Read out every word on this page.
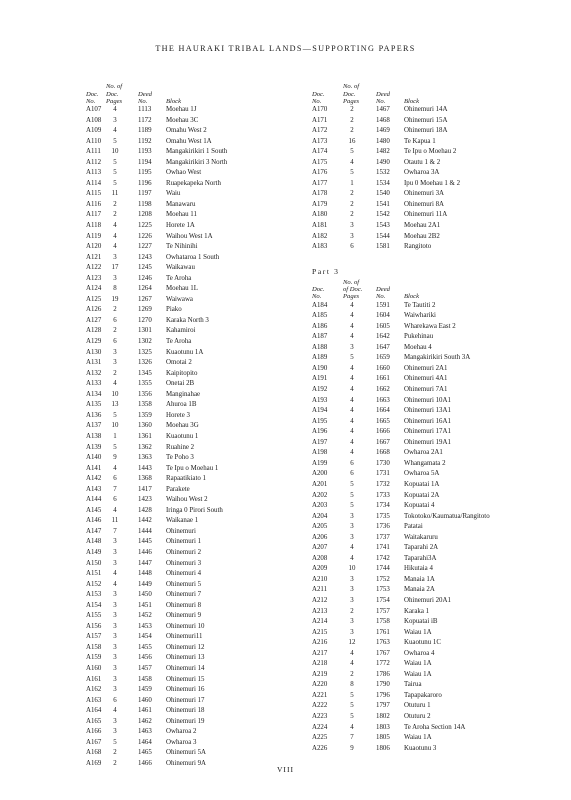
THE HAURAKI TRIBAL LANDS—SUPPORTING PAPERS
Doc.
No.
No. of
Doc.
Pages
Deed
No.	Block
A107	4	1113 Moehau 1J
A108	3	1172 Moehau 3C
A109	4	1189 Omahu West 2
A110	5	1192 Omahu West 1A
A111	10	1193 Mangakirikiri 1 South
A112	5	1194 Mangakirikiri 3 North
A113	5	1195 Owhao West
A114	5	1196 Ruapekapeka North
A115	11	1197 Waiu
A116	2	1198 Manawaru
A117	2	1208 Moehau 11
A118	4	1225 Horete 1A
A119	4	1226 Waihou West 1A
A120	4	1227 Te Nihinihi
A121	3	1243 Owhataroa 1 South
A122	17	1245 Waikawau
A123	3	1246 Te Aroha
A124	8	1264 Moehau 1L
A125	19	1267 Waiwawa
A126	2	1269 Piako
A127	6	1270 Karaka North 3
A128	2	1301 Kahamiroi
A129	6	1302 Te Aroha
A130	3	1325 Kuaotunu 1A
A131	3	1326 Omotai 2
A132	2	1345 Kaipitopito
A133	4	1355 Onetai 2B
A134	10	1356 Manginahae
A135	13	1358 Ahuroa 1B
A136	5	1359 Horete 3
A137	10	1360 Moehau 3G
A138	1	1361 Kuaotunu 1
A139	5	1362 Ruahine 2
A140	9	1363 Te Poho 3
A141	4	1443 Te Ipu o Moehau 1
A142	6	1368 Rapaatikiato 1
A143	7	1417 Parakete
A144	6	1423 Waihou West 2
A145	4	1428 Iringa 0 Pirori South
A146	11	1442 Waikanae 1
A147	7	1444 Ohinemuri
A148	3	1445 Ohinemuri 1
A149	3	1446 Ohinemuri 2
A150	3	1447 Ohinemuri 3
A151	4	1448 Ohinemuri 4
A152	4	1449 Ohinemuri 5
A153	3	1450 Ohinemuri 7
A154	3	1451 Ohinemuri 8
A155	3	1452 Ohinemuri 9
A156	3	1453 Ohinemuri 10
A157	3	1454 Ohinemuri11
A158	3	1455 Ohinemuri 12
A159	3	1456 Ohinemuri 13
A160	3	1457 Ohinemuri 14
A161	3	1458 Ohinemuri 15
A162	3	1459 Ohinemuri 16
A163	6	1460 Ohinemuri 17
A164	4	1461 Ohinemuri 18
A165	3	1462 Ohinemuri 19
A166	3	1463 Owharoa 2
A167	5	1464 Owharoa 3
A168	2	1465 Ohinemuri 5A
A169	2	1466 Ohinemuri 9A
Doc.
No.
No. of
Doc.
Pages
Deed
No.	Block
A170	2	1467 Ohinemuri 14A
A171	2	1468 Ohinemuri 15A
A172	2	1469 Ohinemuri 18A
A173	16	1480 Te Kapua 1
A174	5	1482 Te Ipu o Moehau 2
A175	4	1490 Otautu 1 & 2
A176	5	1532 Owharoa 3A
A177	1	1534 Ipu 0 Moehau 1 & 2
A178	2	1540 Ohinemuri 3A
A179	2	1541 Ohinemuri 8A
A180	2	1542 Ohinemuri 11A
A181	3	1543 Moehau 2A1
A182	3	1544 Moehau 2B2
A183	6	1581 Rangitoto
Part 3
Doc.
No.
No. of
of Doc.
Pages
Deed
No.	Block
A184	4	1591 Te Tautiti 2
A185	4	1604 Waiwhariki
A186	4	1605 Wharekawa East 2
A187	4	1642 Pukehinau
A188	3	1647 Moehau 4
A189	5	1659 Mangakirikiri South 3A
A190	4	1660 Ohinemuri 2A1
A191	4	1661 Ohinemuri 4A1
A192	4	1662 Ohinemuri 7A1
A193	4	1663 Ohinemuri 10A1
A194	4	1664 Ohinemuri 13A1
A195	4	1665 Ohinemuri 16A1
A196	4	1666 Ohinemuri 17A1
A197	4	1667 Ohinemuri 19A1
A198	4	1668 Owharoa 2A1
A199	6	1730 Whangamata 2
A200	6	1731 Owharoa 5A
A201	5	1732 Kopuatai 1A
A202	5	1733 Kopuatai 2A
A203	5	1734 Kopuatai 4
A204	3	1735 Tokotoko/Kaumatua/Rangitoto
A205	3	1736 Patatai
A206	3	1737 Waitakaruru
A207	4	1741 Taparahi 2A
A208	4	1742 Taparahi3A
A209	10	1744 Hikutaia 4
A210	3	1752 Manaia 1A
A211	3	1753 Manaia 2A
A212	3	1754 Ohinemuri 20A1
A213	2	1757 Karaka 1
A214	3	1758 Kopuatai iB
A215	3	1761 Waiau 1A
A216	12	1763 Kuaotunu 1C
A217	4	1767 Owharoa 4
A218	4	1772 Waiau 1A
A219	2	1786 Waiau 1A
A220	8	1790 Tairua
A221	5	1796 Tapapakaroro
A222	5	1797 Otuturu 1
A223	5	1802 Otuturu 2
A224	4	1803 Te Aroha Section 14A
A225	7	1805 Waiau 1A
A226	9	1806 Kuaotunu 3
VIII
